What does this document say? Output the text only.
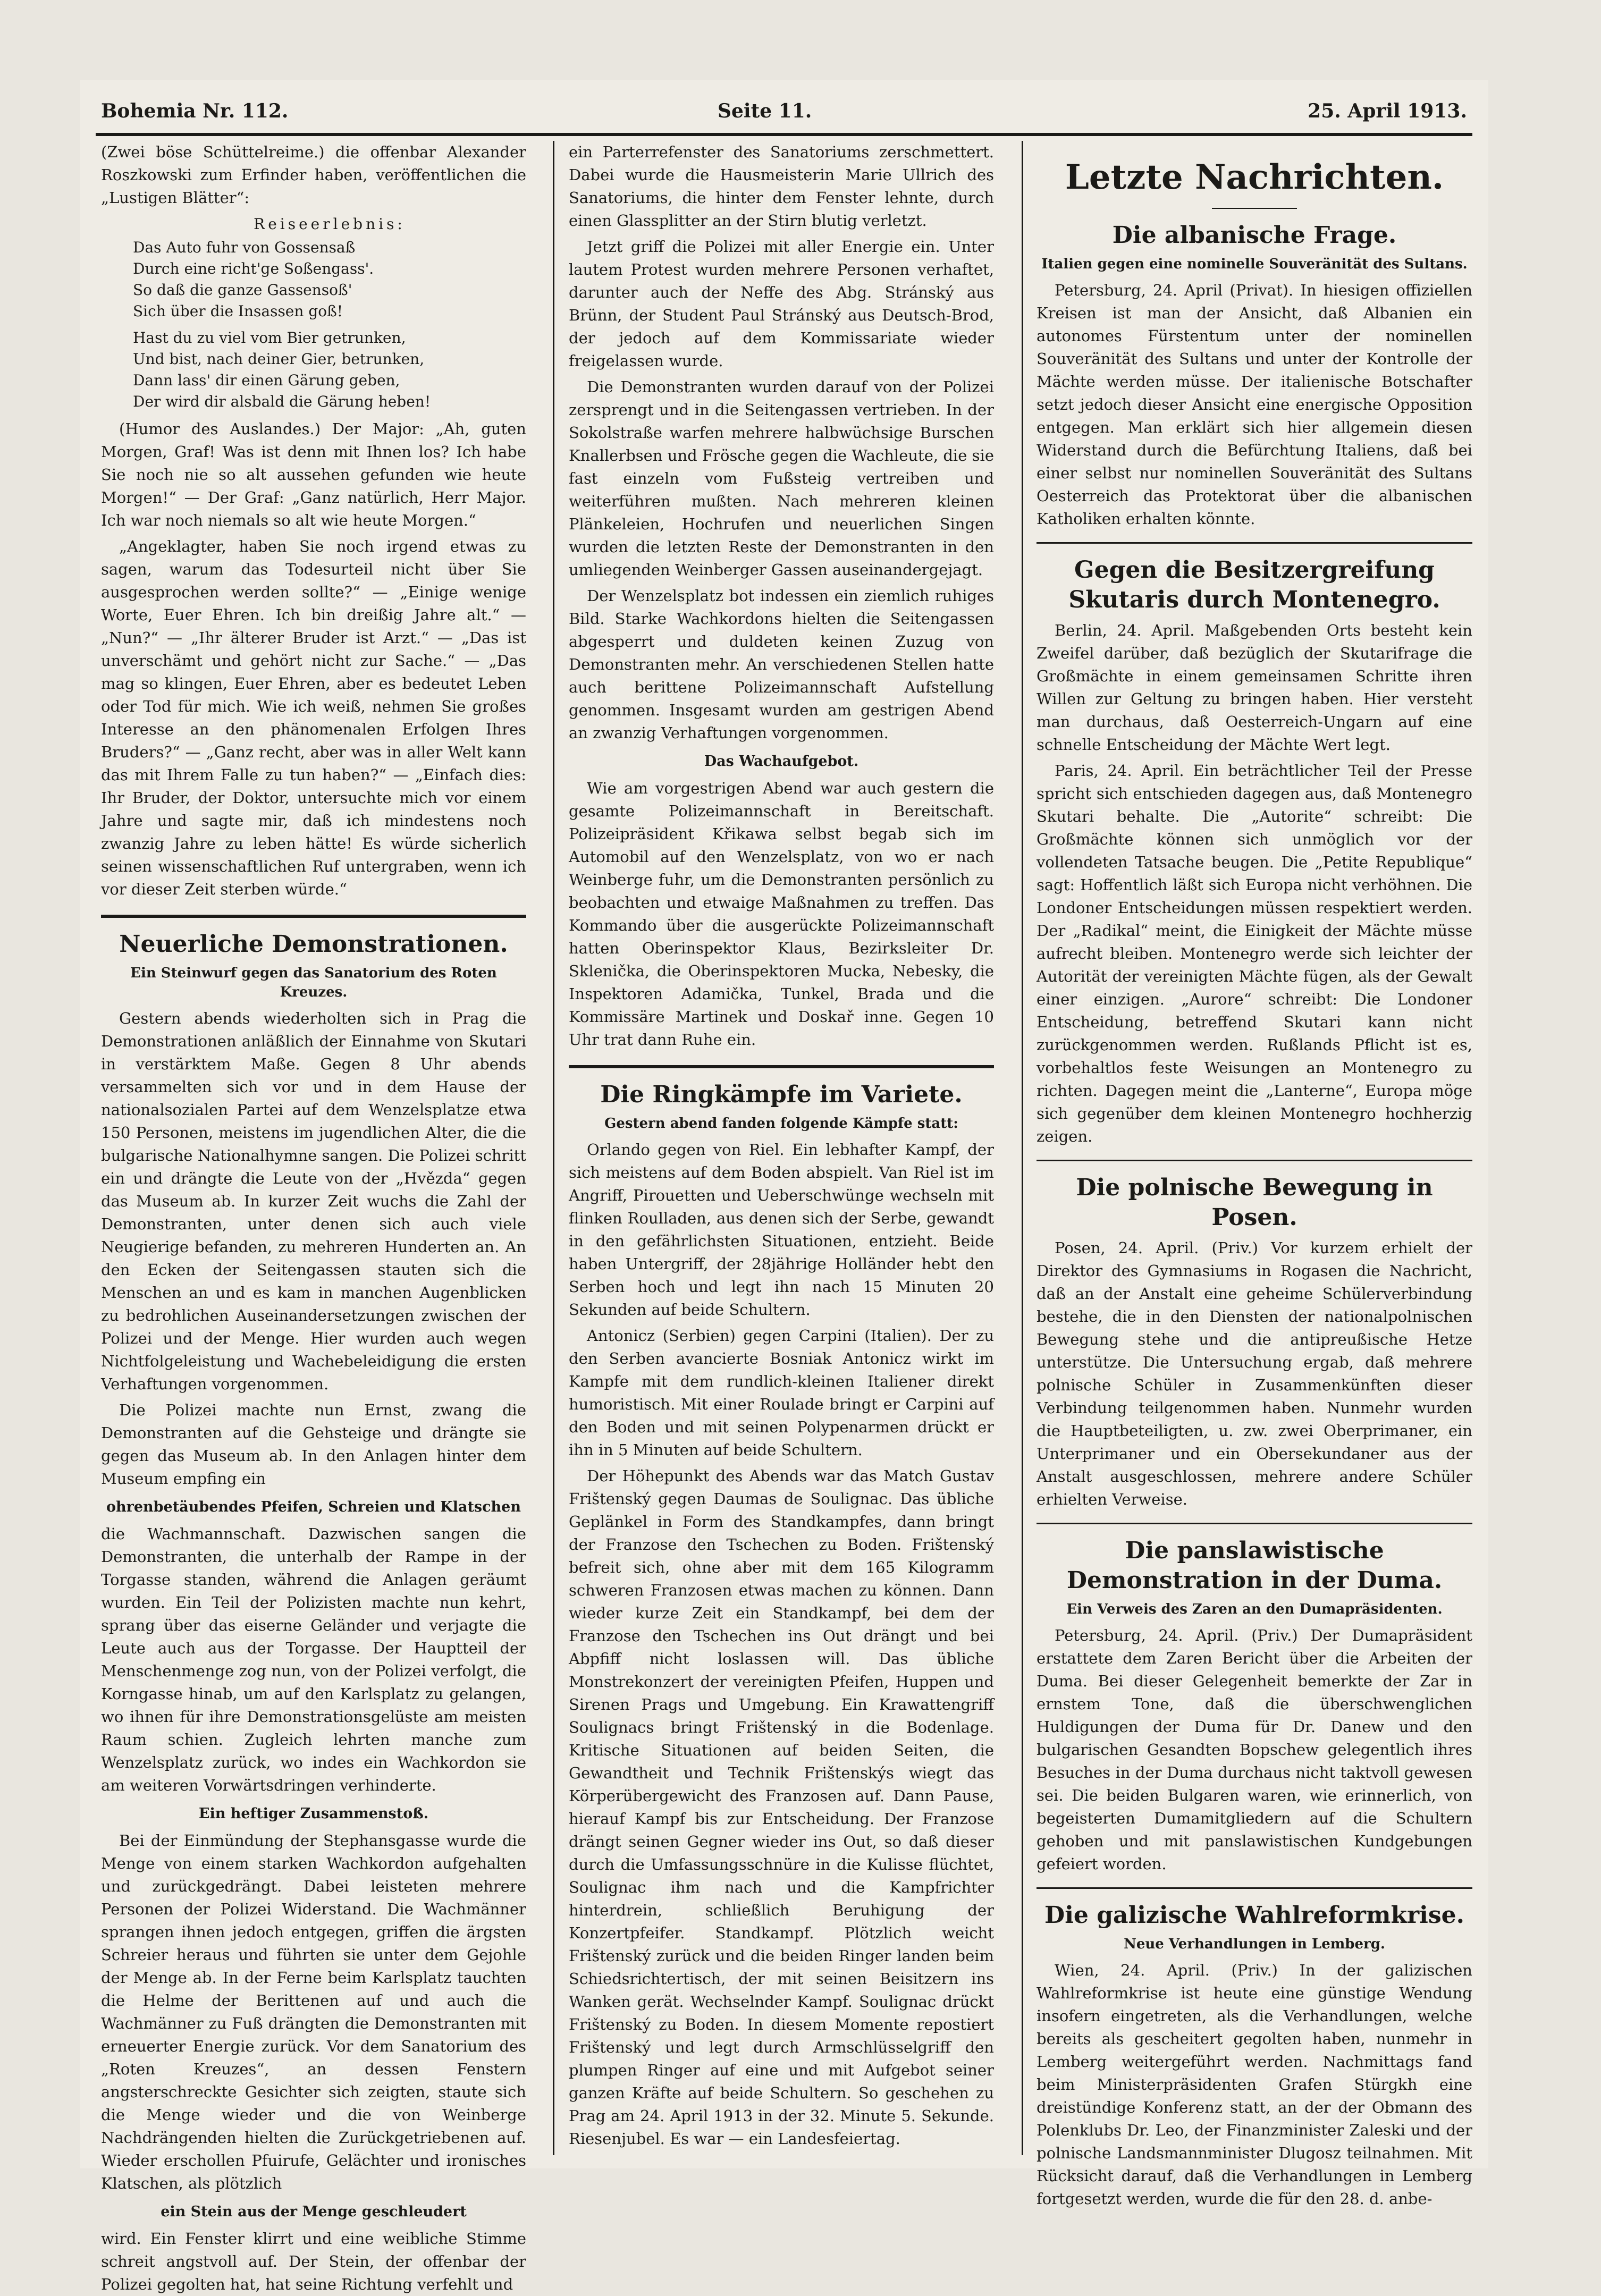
Bohemia Nr. 112.	Seite 11.	25. April 1913.

(Zwei böse Schüttelreime.) die offenbar Alexander Roszkowski zum Erfinder haben, veröffentlichen die „Lustigen Blätter“:

Reiseerlebnis:
Das Auto fuhr von Gossensaß
Durch eine richt'ge Soßengass'.
So daß die ganze Gassensoß'
Sich über die Insassen goß!
Hast du zu viel vom Bier getrunken,
Und bist, nach deiner Gier, betrunken,
Dann lass' dir einen Gärung geben,
Der wird dir alsbald die Gärung heben!

(Humor des Auslandes.) Der Major: „Ah, guten Morgen, Graf! Was ist denn mit Ihnen los? Ich habe Sie noch nie so alt aussehen gefunden wie heute Morgen!“ — Der Graf: „Ganz natürlich, Herr Major. Ich war noch niemals so alt wie heute Morgen.“

„Angeklagter, haben Sie noch irgend etwas zu sagen, warum das Todesurteil nicht über Sie ausgesprochen werden sollte?“ — „Einige wenige Worte, Euer Ehren. Ich bin dreißig Jahre alt.“ — „Nun?“ — „Ihr älterer Bruder ist Arzt.“ — „Das ist unverschämt und gehört nicht zur Sache.“ — „Das mag so klingen, Euer Ehren, aber es bedeutet Leben oder Tod für mich. Wie ich weiß, nehmen Sie großes Interesse an den phänomenalen Erfolgen Ihres Bruders?“ — „Ganz recht, aber was in aller Welt kann das mit Ihrem Falle zu tun haben?“ — „Einfach dies: Ihr Bruder, der Doktor, untersuchte mich vor einem Jahre und sagte mir, daß ich mindestens noch zwanzig Jahre zu leben hätte! Es würde sicherlich seinen wissenschaftlichen Ruf untergraben, wenn ich vor dieser Zeit sterben würde.“

Neuerliche Demonstrationen.
Ein Steinwurf gegen das Sanatorium des Roten Kreuzes.

Gestern abends wiederholten sich in Prag die Demonstrationen anläßlich der Einnahme von Skutari in verstärktem Maße. Gegen 8 Uhr abends versammelten sich vor und in dem Hause der nationalsozialen Partei auf dem Wenzelsplatze etwa 150 Personen, meistens im jugendlichen Alter, die die bulgarische Nationalhymne sangen. Die Polizei schritt ein und drängte die Leute von der „Hvězda“ gegen das Museum ab. In kurzer Zeit wuchs die Zahl der Demonstranten, unter denen sich auch viele Neugierige befanden, zu mehreren Hunderten an. An den Ecken der Seitengassen stauten sich die Menschen an und es kam in manchen Augenblicken zu bedrohlichen Auseinandersetzungen zwischen der Polizei und der Menge. Hier wurden auch wegen Nichtfolgeleistung und Wachebeleidigung die ersten Verhaftungen vorgenommen.

Die Polizei machte nun Ernst, zwang die Demonstranten auf die Gehsteige und drängte sie gegen das Museum ab. In den Anlagen hinter dem Museum empfing ein

ohrenbetäubendes Pfeifen, Schreien und Klatschen

die Wachmannschaft. Dazwischen sangen die Demonstranten, die unterhalb der Rampe in der Torgasse standen, während die Anlagen geräumt wurden. Ein Teil der Polizisten machte nun kehrt, sprang über das eiserne Geländer und verjagte die Leute auch aus der Torgasse. Der Hauptteil der Menschenmenge zog nun, von der Polizei verfolgt, die Korngasse hinab, um auf den Karlsplatz zu gelangen, wo ihnen für ihre Demonstrationsgelüste am meisten Raum schien. Zugleich lehrten manche zum Wenzelsplatz zurück, wo indes ein Wachkordon sie am weiteren Vorwärtsdringen verhinderte.

Ein heftiger Zusammenstoß.

Bei der Einmündung der Stephansgasse wurde die Menge von einem starken Wachkordon aufgehalten und zurückgedrängt. Dabei leisteten mehrere Personen der Polizei Widerstand. Die Wachmänner sprangen ihnen jedoch entgegen, griffen die ärgsten Schreier heraus und führten sie unter dem Gejohle der Menge ab. In der Ferne beim Karlsplatz tauchten die Helme der Berittenen auf und auch die Wachmänner zu Fuß drängten die Demonstranten mit erneuerter Energie zurück. Vor dem Sanatorium des „Roten Kreuzes“, an dessen Fenstern angsterschreckte Gesichter sich zeigten, staute sich die Menge wieder und die von Weinberge Nachdrängenden hielten die Zurückgetriebenen auf. Wieder erschollen Pfuirufe, Gelächter und ironisches Klatschen, als plötzlich

ein Stein aus der Menge geschleudert

wird. Ein Fenster klirrt und eine weibliche Stimme schreit angstvoll auf. Der Stein, der offenbar der Polizei gegolten hat, hat seine Richtung verfehlt und

ein Parterrefenster des Sanatoriums zerschmettert. Dabei wurde die Hausmeisterin Marie Ullrich des Sanatoriums, die hinter dem Fenster lehnte, durch einen Glassplitter an der Stirn blutig verletzt.

Jetzt griff die Polizei mit aller Energie ein. Unter lautem Protest wurden mehrere Personen verhaftet, darunter auch der Neffe des Abg. Stránský aus Brünn, der Student Paul Stránský aus Deutsch-Brod, der jedoch auf dem Kommissariate wieder freigelassen wurde.

Die Demonstranten wurden darauf von der Polizei zersprengt und in die Seitengassen vertrieben. In der Sokolstraße warfen mehrere halbwüchsige Burschen Knallerbsen und Frösche gegen die Wachleute, die sie fast einzeln vom Fußsteig vertreiben und weiterführen mußten. Nach mehreren kleinen Plänkeleien, Hochrufen und neuerlichen Singen wurden die letzten Reste der Demonstranten in den umliegenden Weinberger Gassen auseinandergejagt.

Der Wenzelsplatz bot indessen ein ziemlich ruhiges Bild. Starke Wachkordons hielten die Seitengassen abgesperrt und duldeten keinen Zuzug von Demonstranten mehr. An verschiedenen Stellen hatte auch berittene Polizeimannschaft Aufstellung genommen. Insgesamt wurden am gestrigen Abend an zwanzig Verhaftungen vorgenommen.

Das Wachaufgebot.

Wie am vorgestrigen Abend war auch gestern die gesamte Polizeimannschaft in Bereitschaft. Polizeipräsident Křikawa selbst begab sich im Automobil auf den Wenzelsplatz, von wo er nach Weinberge fuhr, um die Demonstranten persönlich zu beobachten und etwaige Maßnahmen zu treffen. Das Kommando über die ausgerückte Polizeimannschaft hatten Oberinspektor Klaus, Bezirksleiter Dr. Sklenička, die Oberinspektoren Mucka, Nebesky, die Inspektoren Adamička, Tunkel, Brada und die Kommissäre Martinek und Doskař inne. Gegen 10 Uhr trat dann Ruhe ein.

Die Ringkämpfe im Variete.
Gestern abend fanden folgende Kämpfe statt:

Orlando gegen von Riel. Ein lebhafter Kampf, der sich meistens auf dem Boden abspielt. Van Riel ist im Angriff, Pirouetten und Ueberschwünge wechseln mit flinken Roulladen, aus denen sich der Serbe, gewandt in den gefährlichsten Situationen, entzieht. Beide haben Untergriff, der 28jährige Holländer hebt den Serben hoch und legt ihn nach 15 Minuten 20 Sekunden auf beide Schultern.

Antonicz (Serbien) gegen Carpini (Italien). Der zu den Serben avancierte Bosniak Antonicz wirkt im Kampfe mit dem rundlich-kleinen Italiener direkt humoristisch. Mit einer Roulade bringt er Carpini auf den Boden und mit seinen Polypenarmen drückt er ihn in 5 Minuten auf beide Schultern.

Der Höhepunkt des Abends war das Match Gustav Frištenský gegen Daumas de Soulignac. Das übliche Geplänkel in Form des Standkampfes, dann bringt der Franzose den Tschechen zu Boden. Frištenský befreit sich, ohne aber mit dem 165 Kilogramm schweren Franzosen etwas machen zu können. Dann wieder kurze Zeit ein Standkampf, bei dem der Franzose den Tschechen ins Out drängt und bei Abpfiff nicht loslassen will. Das übliche Monstrekonzert der vereinigten Pfeifen, Huppen und Sirenen Prags und Umgebung. Ein Krawattengriff Soulignacs bringt Frištenský in die Bodenlage. Kritische Situationen auf beiden Seiten, die Gewandtheit und Technik Frištenskýs wiegt das Körperübergewicht des Franzosen auf. Dann Pause, hierauf Kampf bis zur Entscheidung. Der Franzose drängt seinen Gegner wieder ins Out, so daß dieser durch die Umfassungsschnüre in die Kulisse flüchtet, Soulignac ihm nach und die Kampfrichter hinterdrein, schließlich Beruhigung der Konzertpfeifer. Standkampf. Plötzlich weicht Frištenský zurück und die beiden Ringer landen beim Schiedsrichtertisch, der mit seinen Beisitzern ins Wanken gerät. Wechselnder Kampf. Soulignac drückt Frištenský zu Boden. In diesem Momente repostiert Frištenský und legt durch Armschlüsselgriff den plumpen Ringer auf eine und mit Aufgebot seiner ganzen Kräfte auf beide Schultern. So geschehen zu Prag am 24. April 1913 in der 32. Minute 5. Sekunde. Riesenjubel. Es war — ein Landesfeiertag.

Letzte Nachrichten.
Die albanische Frage.
Italien gegen eine nominelle Souveränität des Sultans.

Petersburg, 24. April (Privat). In hiesigen offiziellen Kreisen ist man der Ansicht, daß Albanien ein autonomes Fürstentum unter der nominellen Souveränität des Sultans und unter der Kontrolle der Mächte werden müsse. Der italienische Botschafter setzt jedoch dieser Ansicht eine energische Opposition entgegen. Man erklärt sich hier allgemein diesen Widerstand durch die Befürchtung Italiens, daß bei einer selbst nur nominellen Souveränität des Sultans Oesterreich das Protektorat über die albanischen Katholiken erhalten könnte.

Gegen die Besitzergreifung Skutaris durch Montenegro.

Berlin, 24. April. Maßgebenden Orts besteht kein Zweifel darüber, daß bezüglich der Skutarifrage die Großmächte in einem gemeinsamen Schritte ihren Willen zur Geltung zu bringen haben. Hier versteht man durchaus, daß Oesterreich-Ungarn auf eine schnelle Entscheidung der Mächte Wert legt.

Paris, 24. April. Ein beträchtlicher Teil der Presse spricht sich entschieden dagegen aus, daß Montenegro Skutari behalte. Die „Autorite“ schreibt: Die Großmächte können sich unmöglich vor der vollendeten Tatsache beugen. Die „Petite Republique“ sagt: Hoffentlich läßt sich Europa nicht verhöhnen. Die Londoner Entscheidungen müssen respektiert werden. Der „Radikal“ meint, die Einigkeit der Mächte müsse aufrecht bleiben. Montenegro werde sich leichter der Autorität der vereinigten Mächte fügen, als der Gewalt einer einzigen. „Aurore“ schreibt: Die Londoner Entscheidung, betreffend Skutari kann nicht zurückgenommen werden. Rußlands Pflicht ist es, vorbehaltlos feste Weisungen an Montenegro zu richten. Dagegen meint die „Lanterne“, Europa möge sich gegenüber dem kleinen Montenegro hochherzig zeigen.

Die polnische Bewegung in Posen.

Posen, 24. April. (Priv.) Vor kurzem erhielt der Direktor des Gymnasiums in Rogasen die Nachricht, daß an der Anstalt eine geheime Schülerverbindung bestehe, die in den Diensten der nationalpolnischen Bewegung stehe und die antipreußische Hetze unterstütze. Die Untersuchung ergab, daß mehrere polnische Schüler in Zusammenkünften dieser Verbindung teilgenommen haben. Nunmehr wurden die Hauptbeteiligten, u. zw. zwei Oberprimaner, ein Unterprimaner und ein Obersekundaner aus der Anstalt ausgeschlossen, mehrere andere Schüler erhielten Verweise.

Die panslawistische Demonstration in der Duma.
Ein Verweis des Zaren an den Dumapräsidenten.

Petersburg, 24. April. (Priv.) Der Dumapräsident erstattete dem Zaren Bericht über die Arbeiten der Duma. Bei dieser Gelegenheit bemerkte der Zar in ernstem Tone, daß die überschwenglichen Huldigungen der Duma für Dr. Danew und den bulgarischen Gesandten Bopschew gelegentlich ihres Besuches in der Duma durchaus nicht taktvoll gewesen sei. Die beiden Bulgaren waren, wie erinnerlich, von begeisterten Dumamitgliedern auf die Schultern gehoben und mit panslawistischen Kundgebungen gefeiert worden.

Die galizische Wahlreformkrise.
Neue Verhandlungen in Lemberg.

Wien, 24. April. (Priv.) In der galizischen Wahlreformkrise ist heute eine günstige Wendung insofern eingetreten, als die Verhandlungen, welche bereits als gescheitert gegolten haben, nunmehr in Lemberg weitergeführt werden. Nachmittags fand beim Ministerpräsidenten Grafen Stürgkh eine dreistündige Konferenz statt, an der der Obmann des Polenklubs Dr. Leo, der Finanzminister Zaleski und der polnische Landsmannminister Dlugosz teilnahmen. Mit Rücksicht darauf, daß die Verhandlungen in Lemberg fortgesetzt werden, wurde die für den 28. d. anbe-
